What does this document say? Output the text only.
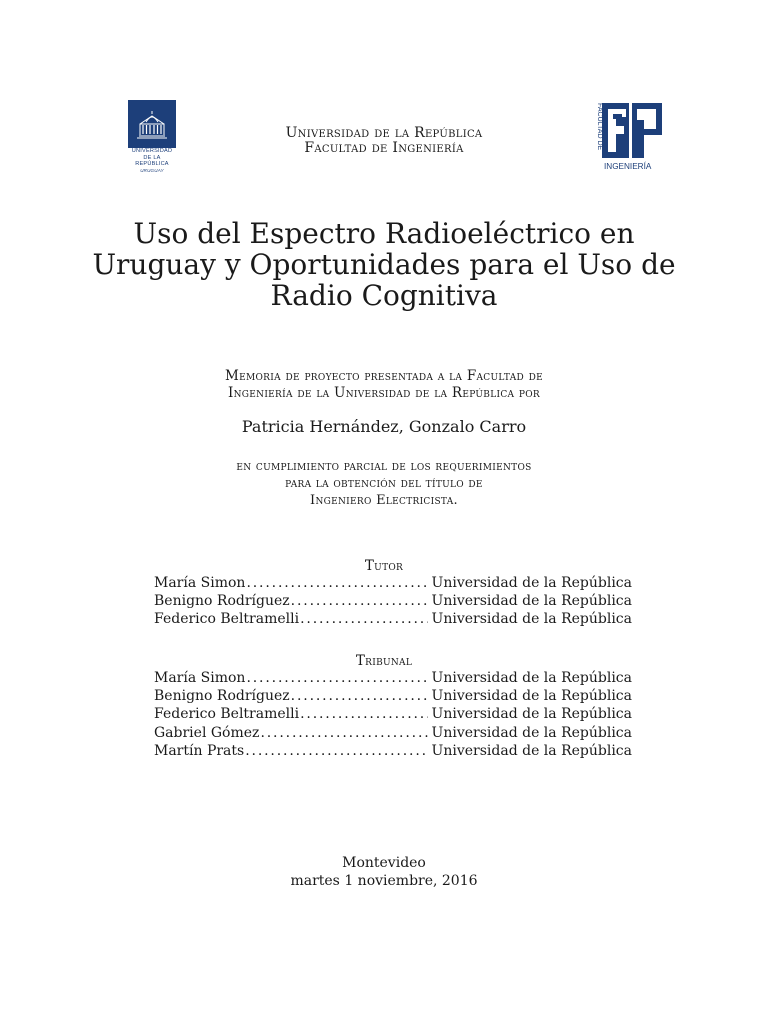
UNIVERSIDAD
DE LA REPÚBLICA
URUGUAY
FACULTAD DE
INGENIERÍA
Universidad de la República
Facultad de Ingeniería
Uso del Espectro Radioeléctrico en
Uruguay y Oportunidades para el Uso de
Radio Cognitiva
Memoria de proyecto presentada a la Facultad de
Ingeniería de la Universidad de la República por
Patricia Hernández, Gonzalo Carro
en cumplimiento parcial de los requerimientos
para la obtención del título de
Ingeniero Electricista.
Tutor
María Simon . . .	Universidad de la República
Benigno Rodríguez . . .	Universidad de la República
Federico Beltramelli . . .	Universidad de la República
Tribunal
María Simon . . .	Universidad de la República
Benigno Rodríguez . . .	Universidad de la República
Federico Beltramelli . . .	Universidad de la República
Gabriel Gómez . . .	Universidad de la República
Martín Prats . . .	Universidad de la República
Montevideo
martes 1 noviembre, 2016
